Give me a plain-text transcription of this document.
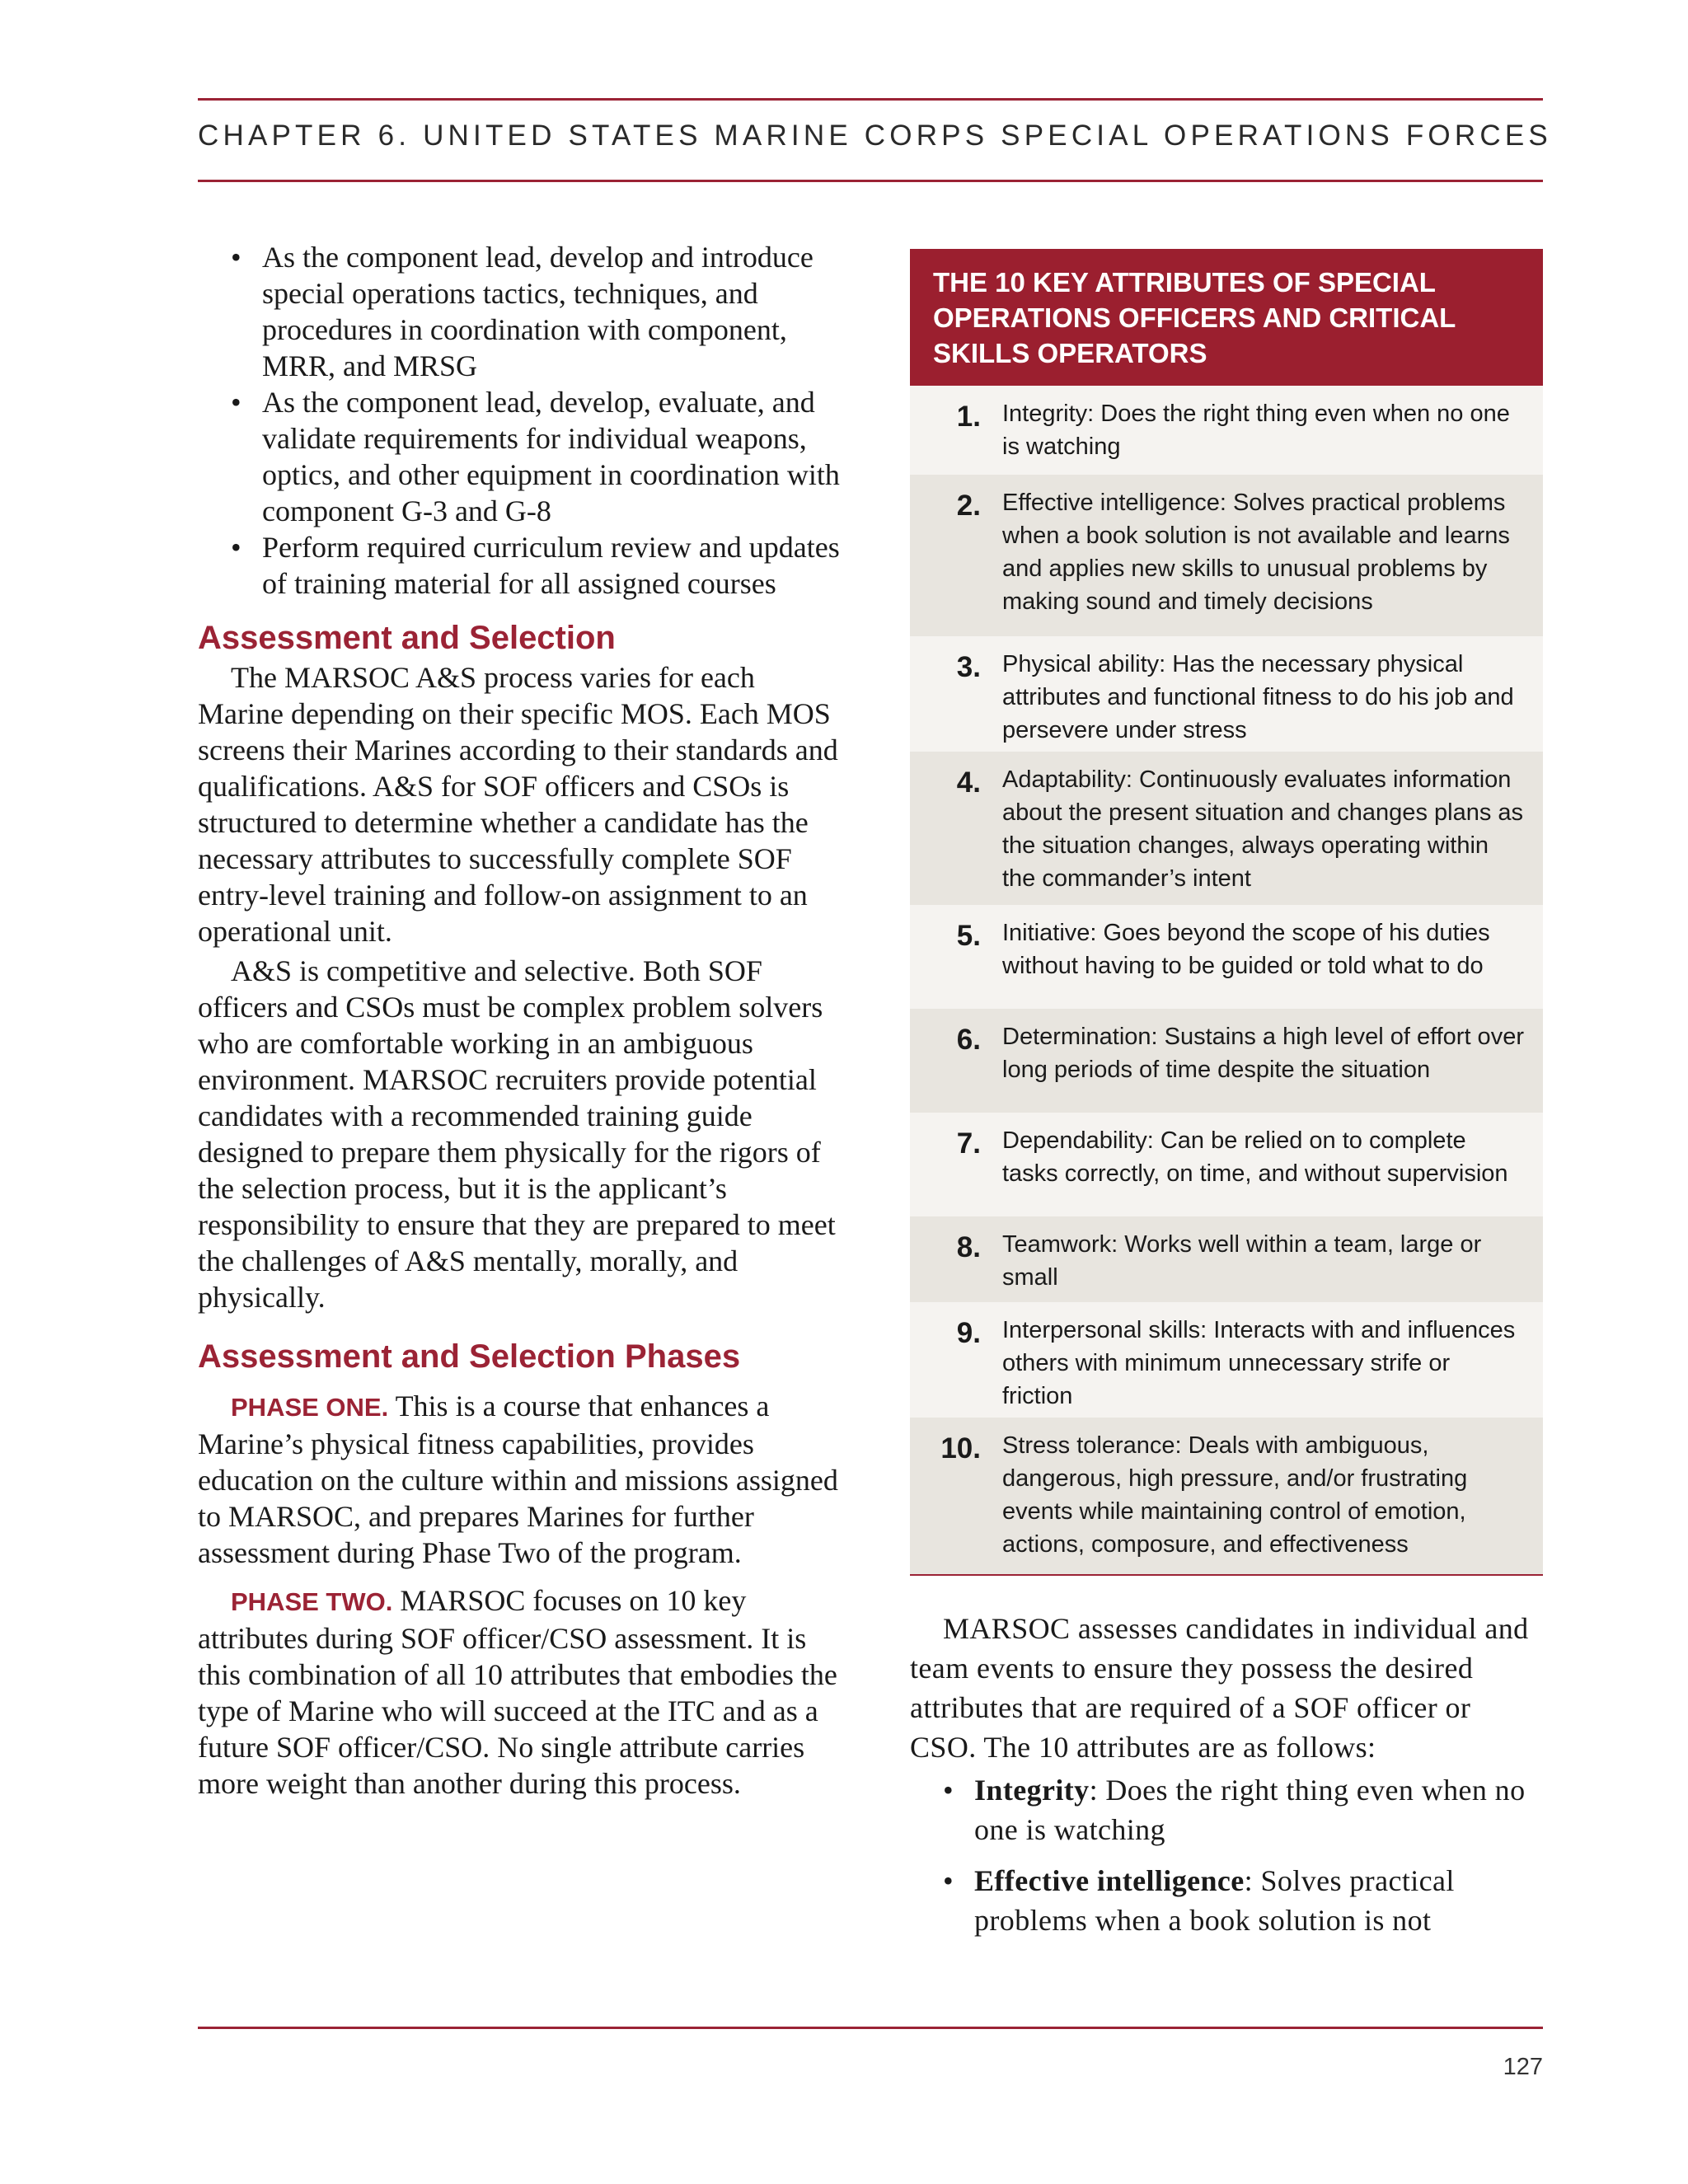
CHAPTER 6. UNITED STATES MARINE CORPS SPECIAL OPERATIONS FORCES
• As the component lead, develop and introduce special operations tactics, techniques, and procedures in coordination with component, MRR, and MRSG
• As the component lead, develop, evaluate, and validate requirements for individual weapons, optics, and other equipment in coordination with component G-3 and G-8
• Perform required curriculum review and updates of training material for all assigned courses
Assessment and Selection

The MARSOC A&S process varies for each Marine depending on their specific MOS. Each MOS screens their Marines according to their standards and qualifications. A&S for SOF officers and CSOs is structured to determine whether a candidate has the necessary attributes to successfully complete SOF entry-level training and follow-on assignment to an operational unit.

A&S is competitive and selective. Both SOF officers and CSOs must be complex problem solvers who are comfortable working in an ambiguous environment. MARSOC recruiters provide potential candidates with a recommended training guide designed to prepare them physically for the rigors of the selection process, but it is the applicant’s responsibility to ensure that they are prepared to meet the challenges of A&S mentally, morally, and physically.

Assessment and Selection Phases

PHASE ONE. This is a course that enhances a Marine’s physical fitness capabilities, provides education on the culture within and missions assigned to MARSOC, and prepares Marines for further assessment during Phase Two of the program.

PHASE TWO. MARSOC focuses on 10 key attributes during SOF officer/CSO assessment. It is this combination of all 10 attributes that embodies the type of Marine who will succeed at the ITC and as a future SOF officer/CSO. No single attribute carries more weight than another during this process.

THE 10 KEY ATTRIBUTES OF SPECIAL OPERATIONS OFFICERS AND CRITICAL SKILLS OPERATORS
1. Integrity: Does the right thing even when no one is watching
2. Effective intelligence: Solves practical problems when a book solution is not available and learns and applies new skills to unusual problems by making sound and timely decisions
3. Physical ability: Has the necessary physical attributes and functional fitness to do his job and persevere under stress
4. Adaptability: Continuously evaluates information about the present situation and changes plans as the situation changes, always operating within the commander’s intent
5. Initiative: Goes beyond the scope of his duties without having to be guided or told what to do
6. Determination: Sustains a high level of effort over long periods of time despite the situation
7. Dependability: Can be relied on to complete tasks correctly, on time, and without supervision
8. Teamwork: Works well within a team, large or small
9. Interpersonal skills: Interacts with and influences others with minimum unnecessary strife or friction
10. Stress tolerance: Deals with ambiguous, dangerous, high pressure, and/or frustrating events while maintaining control of emotion, actions, composure, and effectiveness

MARSOC assesses candidates in individual and team events to ensure they possess the desired attributes that are required of a SOF officer or CSO. The 10 attributes are as follows:

• Integrity: Does the right thing even when no one is watching
• Effective intelligence: Solves practical problems when a book solution is not
127
